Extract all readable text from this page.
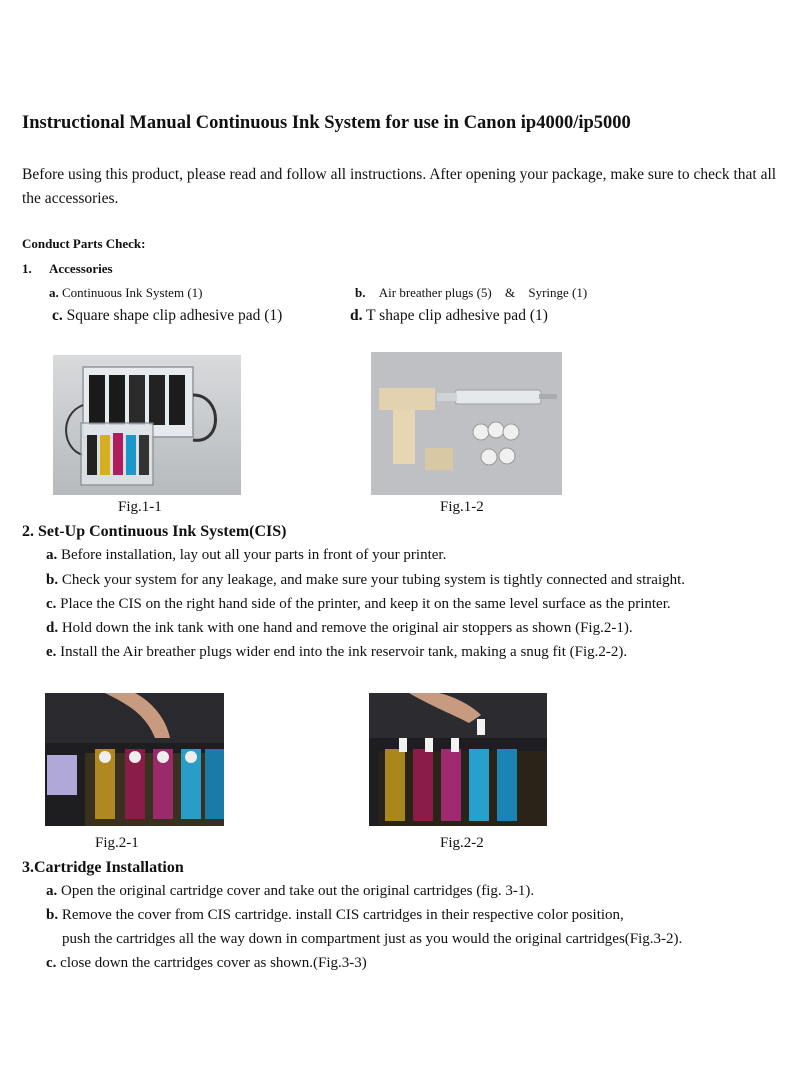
Instructional Manual Continuous Ink System for use in Canon ip4000/ip5000
Before using this product, please read and follow all instructions. After opening your package, make sure to check that all the accessories.
Conduct Parts Check:
1. Accessories
a. Continuous Ink System (1)	b. Air breather plugs (5) & Syringe (1)
c. Square shape clip adhesive pad (1)	d. T shape clip adhesive pad (1)
Fig.1-1	Fig.1-2
2. Set-Up Continuous Ink System(CIS)
a. Before installation, lay out all your parts in front of your printer.
b. Check your system for any leakage, and make sure your tubing system is tightly connected and straight.
c. Place the CIS on the right hand side of the printer, and keep it on the same level surface as the printer.
d. Hold down the ink tank with one hand and remove the original air stoppers as shown (Fig.2-1).
e. Install the Air breather plugs wider end into the ink reservoir tank, making a snug fit (Fig.2-2).
Fig.2-1	Fig.2-2
3.Cartridge Installation
a. Open the original cartridge cover and take out the original cartridges (fig. 3-1).
b. Remove the cover from CIS cartridge. install CIS cartridges in their respective color position,
push the cartridges all the way down in compartment just as you would the original cartridges(Fig.3-2).
c. close down the cartridges cover as shown.(Fig.3-3)
